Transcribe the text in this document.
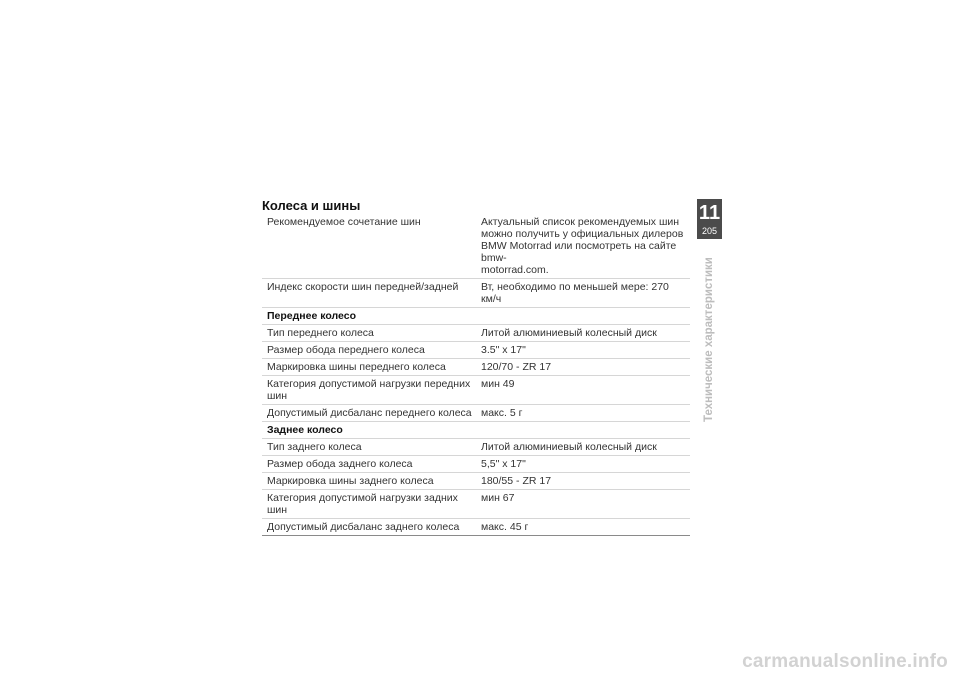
Колеса и шины
Рекомендуемое сочетание шин	Актуальный список рекомендуемых шин
можно получить у официальных дилеров
BMW Motorrad или посмотреть на сайте bmw-
motorrad.com.

Индекс скорости шин передней/задней	Вт, необходимо по меньшей мере: 270 км/ч
Переднее колесо	
Тип переднего колеса	Литой алюминиевый колесный диск
Размер обода переднего колеса	3.5" x 17"
Маркировка шины переднего колеса	120/70 - ZR 17
Категория допустимой нагрузки передних шин	мин 49
Допустимый дисбаланс переднего колеса	макс. 5 г
Заднее колесо	
Тип заднего колеса	Литой алюминиевый колесный диск
Размер обода заднего колеса	5,5" x 17"
Маркировка шины заднего колеса	180/55 - ZR 17
Категория допустимой нагрузки задних шин	мин 67
Допустимый дисбаланс заднего колеса	макс. 45 г
11
205
Технические характеристики
carmanualsonline.info
